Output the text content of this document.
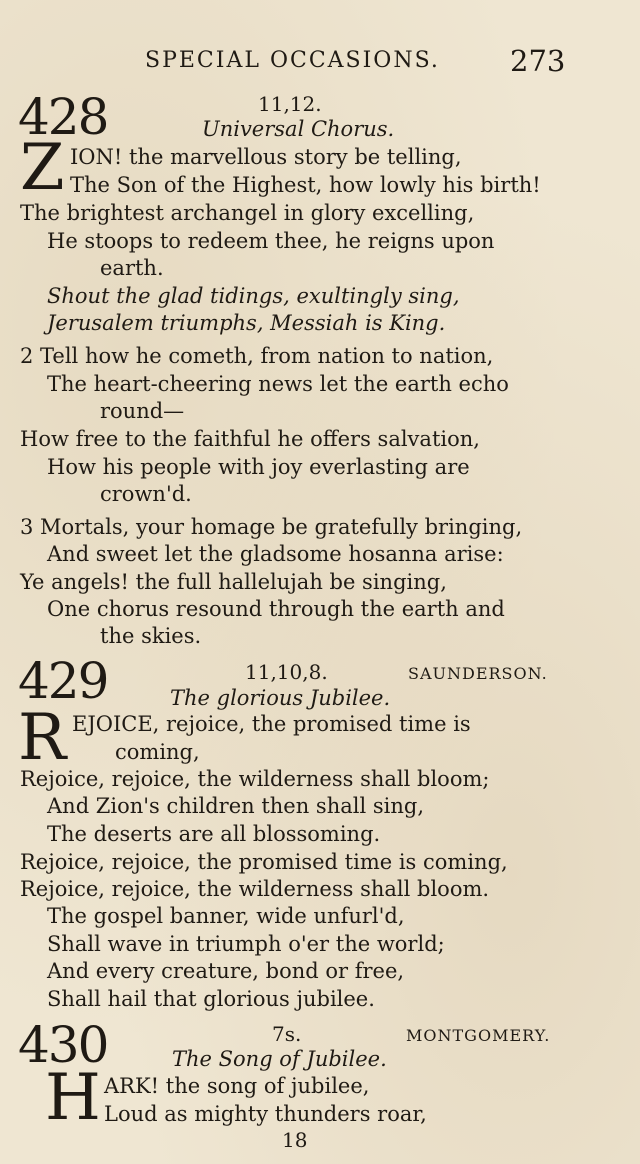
SPECIAL OCCASIONS. 273
428	11,12.
Universal Chorus.
Z ION! the marvellous story be telling,
The Son of the Highest, how lowly his birth!
The brightest archangel in glory excelling,
He stoops to redeem thee, he reigns upon
earth.
Shout the glad tidings, exultingly sing,
Jerusalem triumphs, Messiah is King.
2 Tell how he cometh, from nation to nation,
The heart-cheering news let the earth echo
round—
How free to the faithful he offers salvation,
How his people with joy everlasting are
crown'd.
3 Mortals, your homage be gratefully bringing,
And sweet let the gladsome hosanna arise:
Ye angels! the full hallelujah be singing,
One chorus resound through the earth and
the skies.
429	11,10,8.	SAUNDERSON.
The glorious Jubilee.
R EJOICE, rejoice, the promised time is
coming,
Rejoice, rejoice, the wilderness shall bloom;
And Zion's children then shall sing,
The deserts are all blossoming.
Rejoice, rejoice, the promised time is coming,
Rejoice, rejoice, the wilderness shall bloom.
The gospel banner, wide unfurl'd,
Shall wave in triumph o'er the world;
And every creature, bond or free,
Shall hail that glorious jubilee.
430	7s.	MONTGOMERY.
The Song of Jubilee.
H ARK! the song of jubilee,
Loud as mighty thunders roar,
18
